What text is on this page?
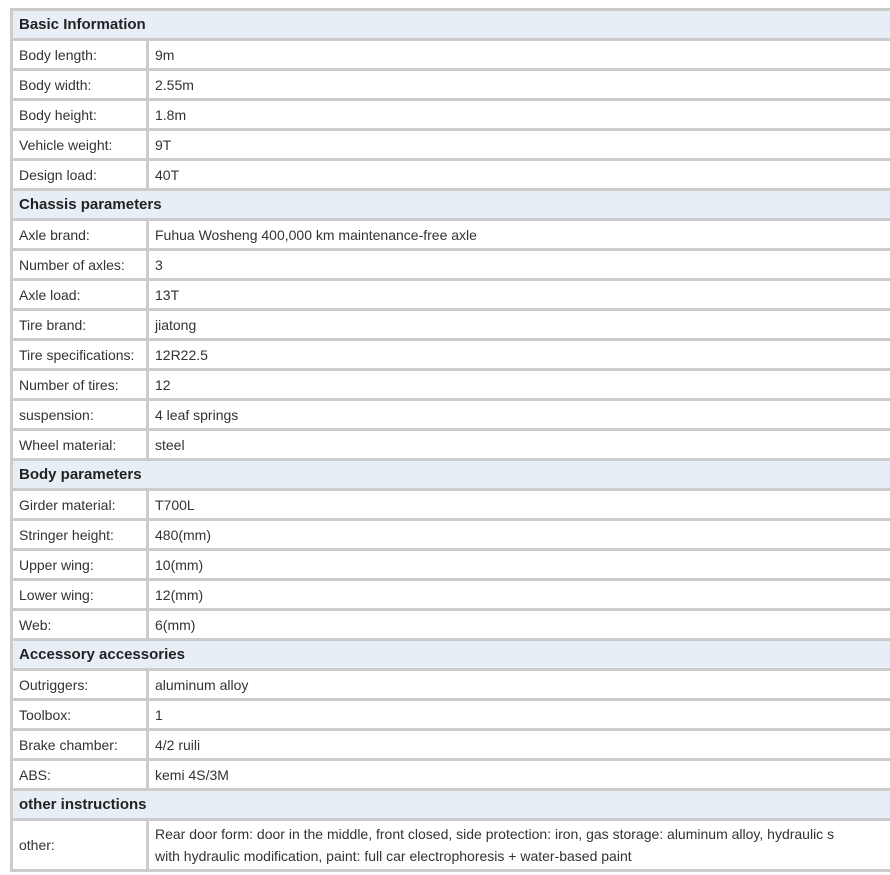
Basic Information	
Body length:	9m
Body width:	2.55m
Body height:	1.8m
Vehicle weight:	9T
Design load:	40T
Chassis parameters	
Axle brand:	Fuhua Wosheng 400,000 km maintenance-free axle
Number of axles:	3
Axle load:	13T
Tire brand:	jiatong
Tire specifications:	12R22.5
Number of tires:	12
suspension:	4 leaf springs
Wheel material:	steel
Body parameters	
Girder material:	T700L
Stringer height:	480(mm)
Upper wing:	10(mm)
Lower wing:	12(mm)
Web:	6(mm)
Accessory accessories	
Outriggers:	aluminum alloy
Toolbox:	1
Brake chamber:	4/2 ruili
ABS:	kemi 4S/3M
other instructions	
other:	Rear door form: door in the middle, front closed, side protection: iron, gas storage: aluminum alloy, hydraulic s
with hydraulic modification, paint: full car electrophoresis + water-based paint
